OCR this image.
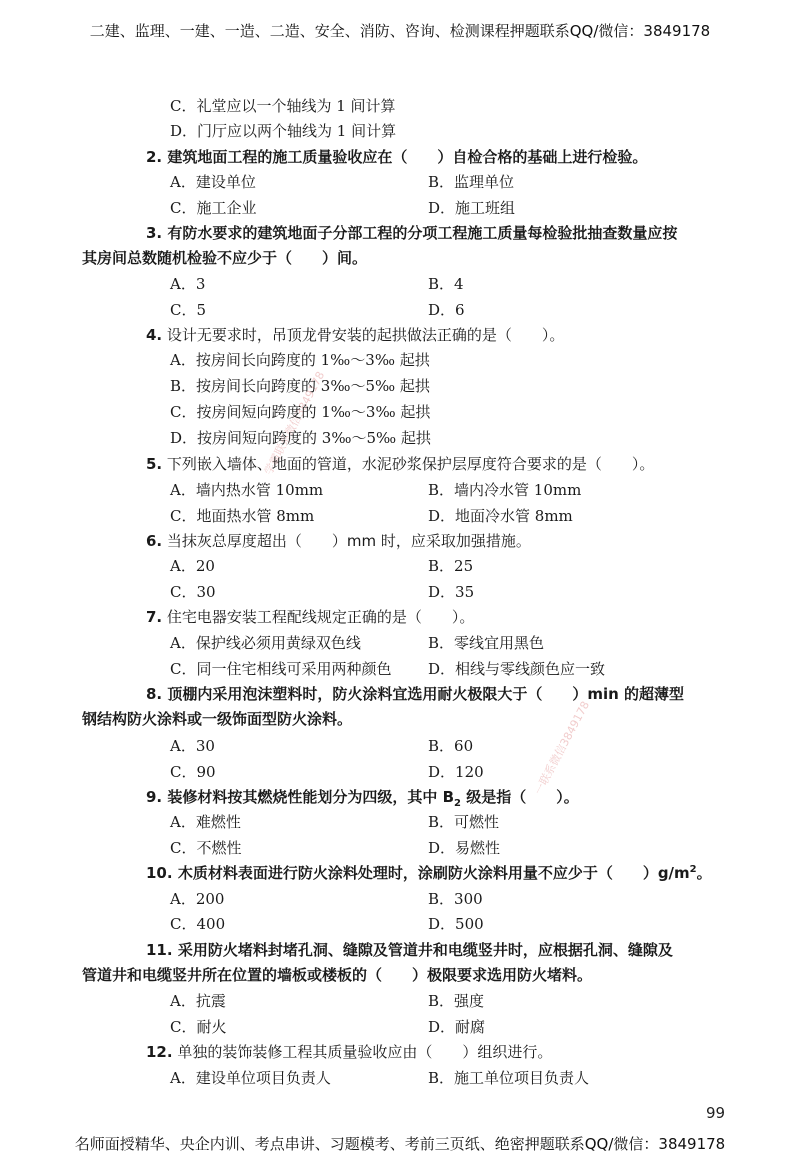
二建、监理、一建、一造、二造、安全、消防、咨询、检测课程押题联系QQ/微信：3849178
学霸联系微信3849178
一联系微信3849178
C．礼堂应以一个轴线为 1 间计算
D．门厅应以两个轴线为 1 间计算
2. 建筑地面工程的施工质量验收应在（　　）自检合格的基础上进行检验。
A．建设单位	B．监理单位
C．施工企业	D．施工班组
3. 有防水要求的建筑地面子分部工程的分项工程施工质量每检验批抽查数量应按
其房间总数随机检验不应少于（　　）间。
A．3	B．4
C．5	D．6
4. 设计无要求时，吊顶龙骨安装的起拱做法正确的是（　　）。
A．按房间长向跨度的 1‰～3‰ 起拱
B．按房间长向跨度的 3‰～5‰ 起拱
C．按房间短向跨度的 1‰～3‰ 起拱
D．按房间短向跨度的 3‰～5‰ 起拱
5. 下列嵌入墙体、地面的管道，水泥砂浆保护层厚度符合要求的是（　　）。
A．墙内热水管 10mm	B．墙内冷水管 10mm
C．地面热水管 8mm	D．地面冷水管 8mm
6. 当抹灰总厚度超出（　　）mm 时，应采取加强措施。
A．20	B．25
C．30	D．35
7. 住宅电器安装工程配线规定正确的是（　　）。
A．保护线必须用黄绿双色线	B．零线宜用黑色
C．同一住宅相线可采用两种颜色 D．相线与零线颜色应一致
8. 顶棚内采用泡沫塑料时，防火涂料宜选用耐火极限大于（　　）min 的超薄型
钢结构防火涂料或一级饰面型防火涂料。
A．30	B．60
C．90	D．120
9. 装修材料按其燃烧性能划分为四级，其中 $B_2$ 级是指（　　）。
A．难燃性	B．可燃性
C．不燃性	D．易燃性
10. 木质材料表面进行防火涂料处理时，涂刷防火涂料用量不应少于（　　）$g/m^2$。
A．200	B．300
C．400	D．500
11. 采用防火堵料封堵孔洞、缝隙及管道井和电缆竖井时，应根据孔洞、缝隙及
管道井和电缆竖井所在位置的墙板或楼板的（　　）极限要求选用防火堵料。
A．抗震	B．强度
C．耐火	D．耐腐
12. 单独的装饰装修工程其质量验收应由（　　）组织进行。
A．建设单位项目负责人	B．施工单位项目负责人
99
名师面授精华、央企内训、考点串讲、习题模考、考前三页纸、绝密押题联系QQ/微信：3849178
